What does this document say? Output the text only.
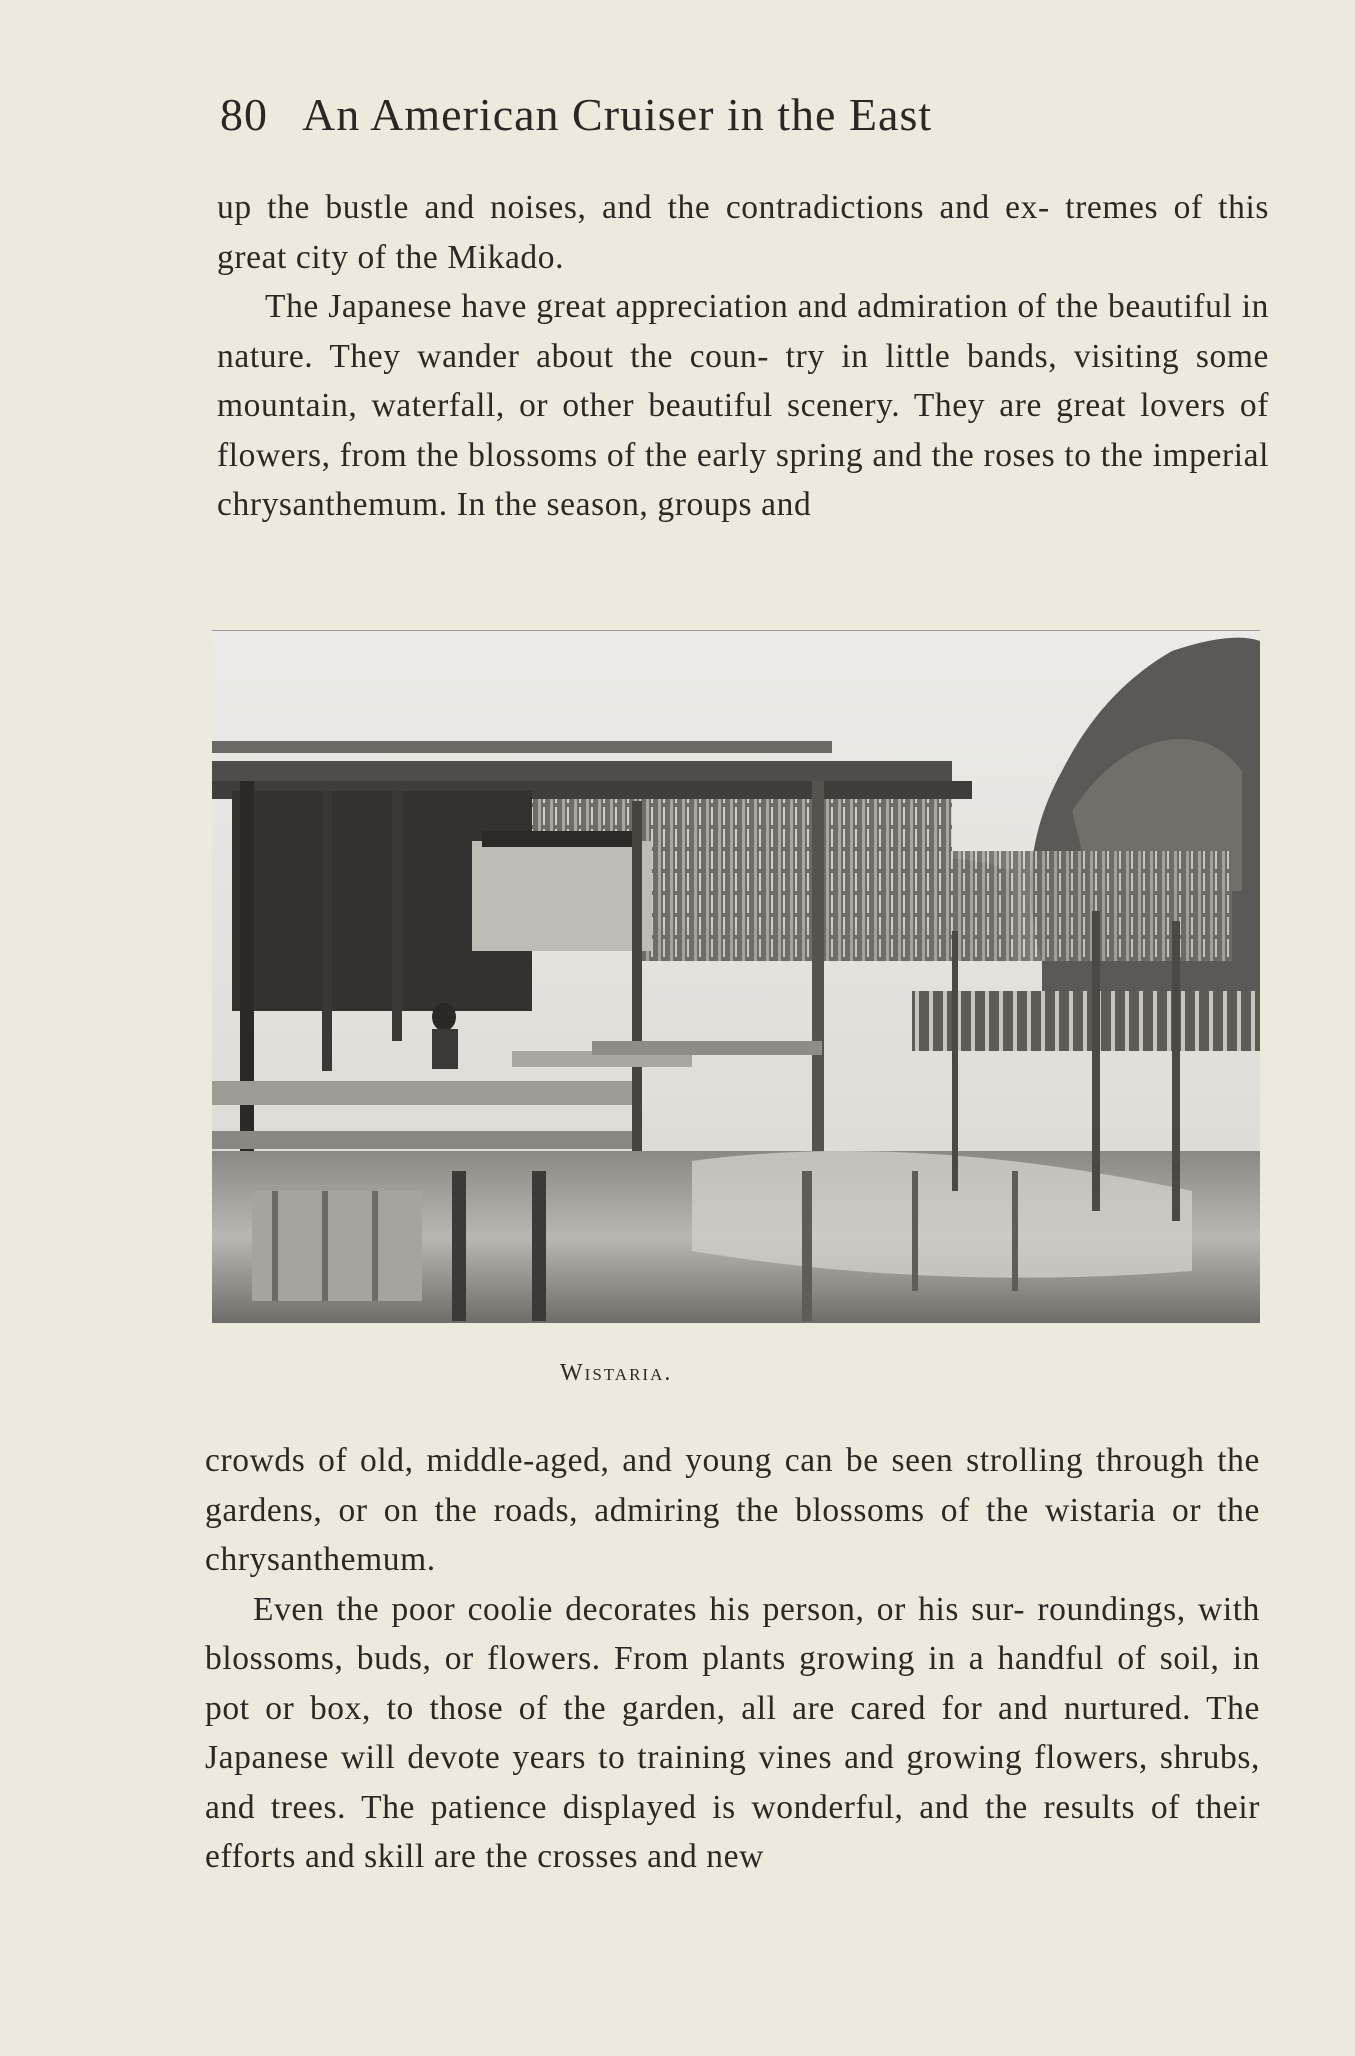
80 An American Cruiser in the East

up the bustle and noises, and the contradictions and ex- tremes of this great city of the Mikado.

The Japanese have great appreciation and admiration of the beautiful in nature. They wander about the coun- try in little bands, visiting some mountain, waterfall, or other beautiful scenery. They are great lovers of flowers, from the blossoms of the early spring and the roses to the imperial chrysanthemum. In the season, groups and

Wistaria.

crowds of old, middle-aged, and young can be seen strolling through the gardens, or on the roads, admiring the blossoms of the wistaria or the chrysanthemum.

Even the poor coolie decorates his person, or his sur- roundings, with blossoms, buds, or flowers. From plants growing in a handful of soil, in pot or box, to those of the garden, all are cared for and nurtured. The Japanese will devote years to training vines and growing flowers, shrubs, and trees. The patience displayed is wonderful, and the results of their efforts and skill are the crosses and new
